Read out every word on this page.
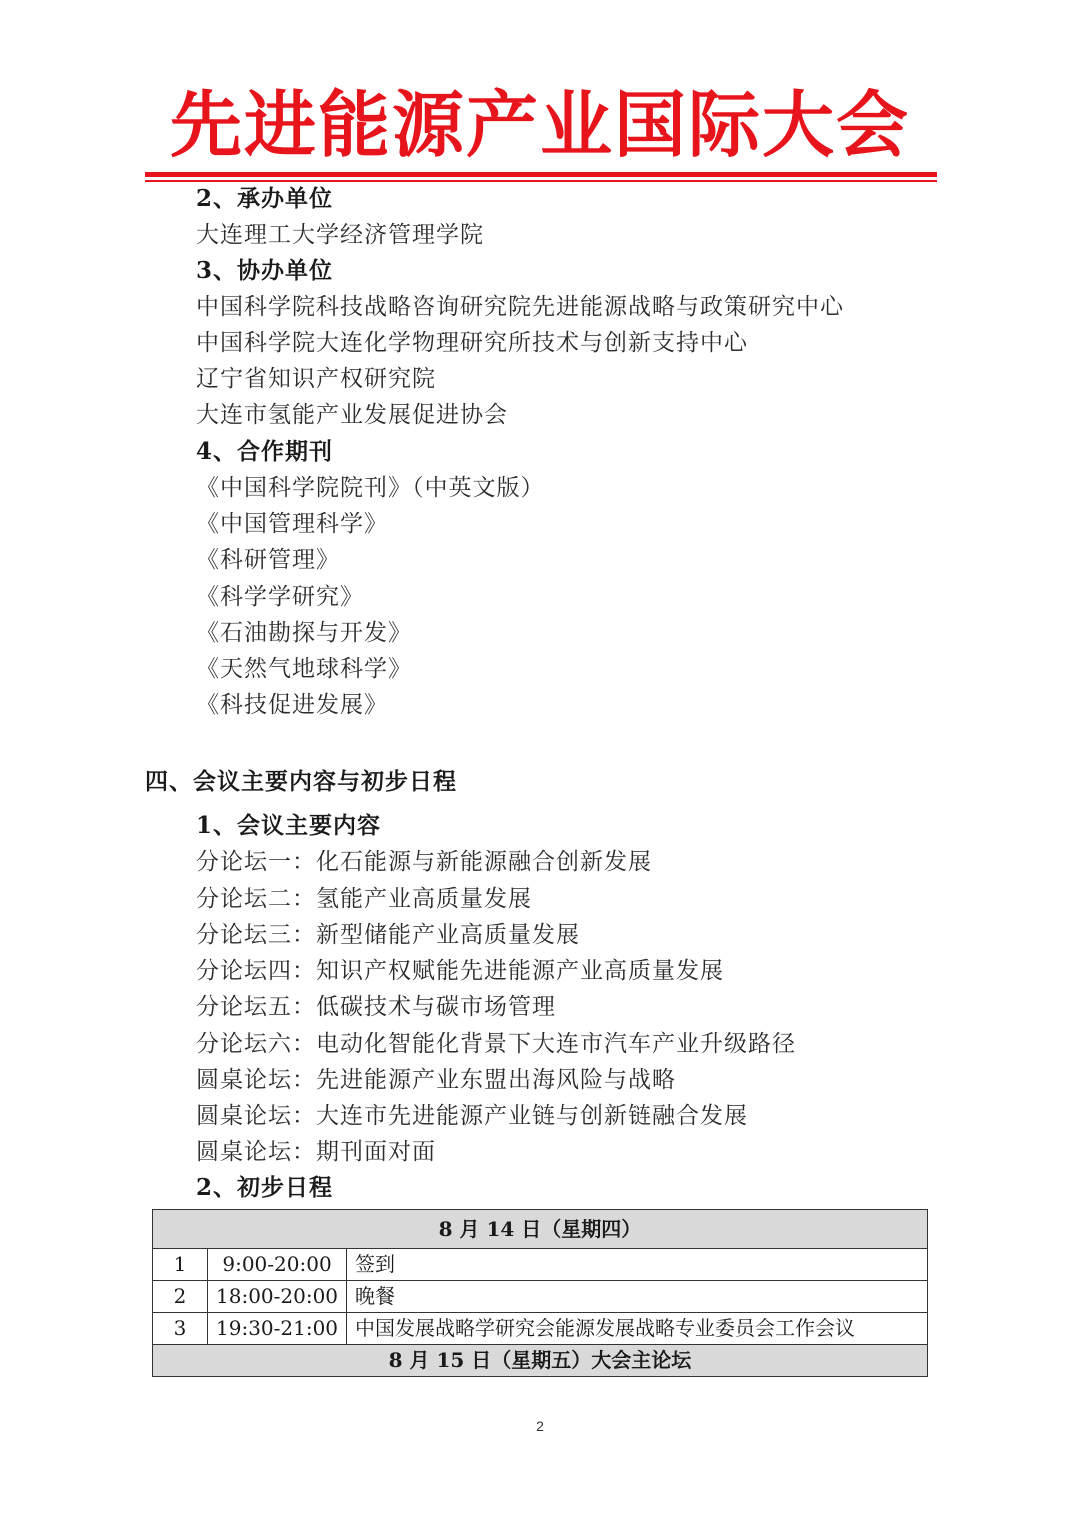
先进能源产业国际大会
2、承办单位
大连理工大学经济管理学院
3、协办单位
中国科学院科技战略咨询研究院先进能源战略与政策研究中心
中国科学院大连化学物理研究所技术与创新支持中心
辽宁省知识产权研究院
大连市氢能产业发展促进协会
4、合作期刊
《中国科学院院刊》（中英文版）
《中国管理科学》
《科研管理》
《科学学研究》
《石油勘探与开发》
《天然气地球科学》
《科技促进发展》
四、会议主要内容与初步日程
1、会议主要内容
分论坛一：化石能源与新能源融合创新发展
分论坛二：氢能产业高质量发展
分论坛三：新型储能产业高质量发展
分论坛四：知识产权赋能先进能源产业高质量发展
分论坛五：低碳技术与碳市场管理
分论坛六：电动化智能化背景下大连市汽车产业升级路径
圆桌论坛：先进能源产业东盟出海风险与战略
圆桌论坛：大连市先进能源产业链与创新链融合发展
圆桌论坛：期刊面对面
2、初步日程
8 月 14 日（星期四）		
1	9:00-20:00	签到
2	18:00-20:00	晚餐
3	19:30-21:00	中国发展战略学研究会能源发展战略专业委员会工作会议
8 月 15 日（星期五）大会主论坛		
2
